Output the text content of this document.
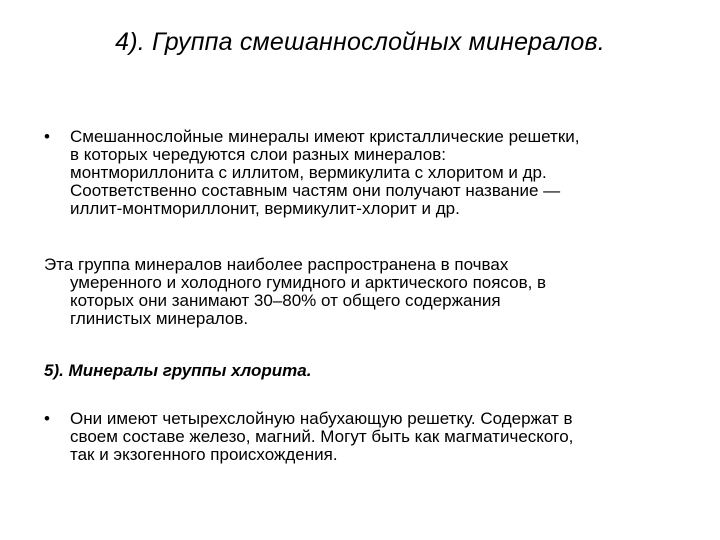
4). Группа смешаннослойных минералов.
• Смешаннослойные минералы имеют кристаллические решетки,
в которых чередуются слои разных минералов:
монтмориллонита с иллитом, вермикулита с хлоритом и др.
Соответственно составным частям они получают название —
иллит-монтмориллонит, вермикулит-хлорит и др.
Эта группа минералов наиболее распространена в почвах
умеренного и холодного гумидного и арктического поясов, в
которых они занимают 30–80% от общего содержания
глинистых минералов.
5). Минералы группы хлорита.
• Они имеют четырехслойную набухающую решетку. Содержат в
своем составе железо, магний. Могут быть как магматического,
так и экзогенного происхождения.
